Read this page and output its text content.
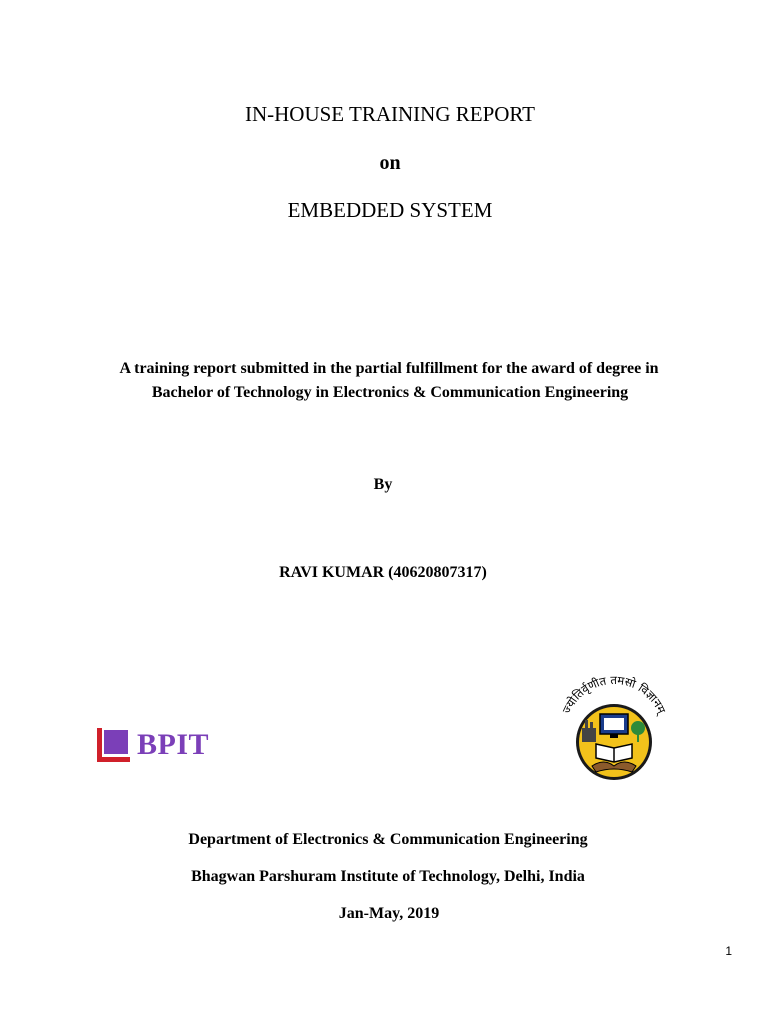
IN-HOUSE TRAINING REPORT
on
EMBEDDED SYSTEM
A training report submitted in the partial fulfillment for the award of degree in
Bachelor of Technology in Electronics & Communication Engineering
By
RAVI KUMAR (40620807317)
BPIT
ज्योतिर्वृणीत तमसो विज्ञानम्
Department of Electronics & Communication Engineering
Bhagwan Parshuram Institute of Technology, Delhi, India
Jan-May, 2019
1
